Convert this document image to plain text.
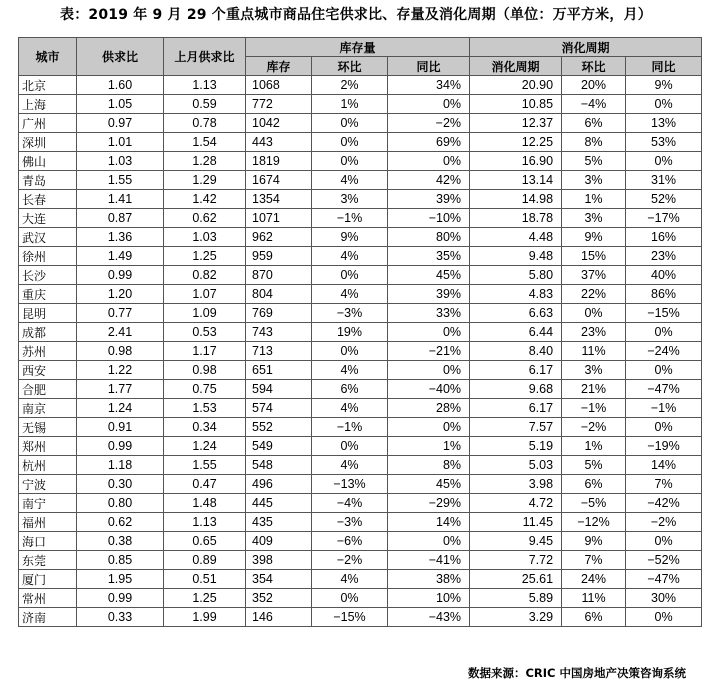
表：2019 年 9 月 29 个重点城市商品住宅供求比、存量及消化周期（单位：万平方米，月）
城市	供求比	上月供求比	库存量			消化周期		
			库存	环比	同比	消化周期	环比	同比
北京	1.60	1.13	1068	2%	34%	20.90	20%	9%
上海	1.05	0.59	772	1%	0%	10.85	−4%	0%
广州	0.97	0.78	1042	0%	−2%	12.37	6%	13%
深圳	1.01	1.54	443	0%	69%	12.25	8%	53%
佛山	1.03	1.28	1819	0%	0%	16.90	5%	0%
青岛	1.55	1.29	1674	4%	42%	13.14	3%	31%
长春	1.41	1.42	1354	3%	39%	14.98	1%	52%
大连	0.87	0.62	1071	−1%	−10%	18.78	3%	−17%
武汉	1.36	1.03	962	9%	80%	4.48	9%	16%
徐州	1.49	1.25	959	4%	35%	9.48	15%	23%
长沙	0.99	0.82	870	0%	45%	5.80	37%	40%
重庆	1.20	1.07	804	4%	39%	4.83	22%	86%
昆明	0.77	1.09	769	−3%	33%	6.63	0%	−15%
成都	2.41	0.53	743	19%	0%	6.44	23%	0%
苏州	0.98	1.17	713	0%	−21%	8.40	11%	−24%
西安	1.22	0.98	651	4%	0%	6.17	3%	0%
合肥	1.77	0.75	594	6%	−40%	9.68	21%	−47%
南京	1.24	1.53	574	4%	28%	6.17	−1%	−1%
无锡	0.91	0.34	552	−1%	0%	7.57	−2%	0%
郑州	0.99	1.24	549	0%	1%	5.19	1%	−19%
杭州	1.18	1.55	548	4%	8%	5.03	5%	14%
宁波	0.30	0.47	496	−13%	45%	3.98	6%	7%
南宁	0.80	1.48	445	−4%	−29%	4.72	−5%	−42%
福州	0.62	1.13	435	−3%	14%	11.45	−12%	−2%
海口	0.38	0.65	409	−6%	0%	9.45	9%	0%
东莞	0.85	0.89	398	−2%	−41%	7.72	7%	−52%
厦门	1.95	0.51	354	4%	38%	25.61	24%	−47%
常州	0.99	1.25	352	0%	10%	5.89	11%	30%
济南	0.33	1.99	146	−15%	−43%	3.29	6%	0%
数据来源：CRIC 中国房地产决策咨询系统
